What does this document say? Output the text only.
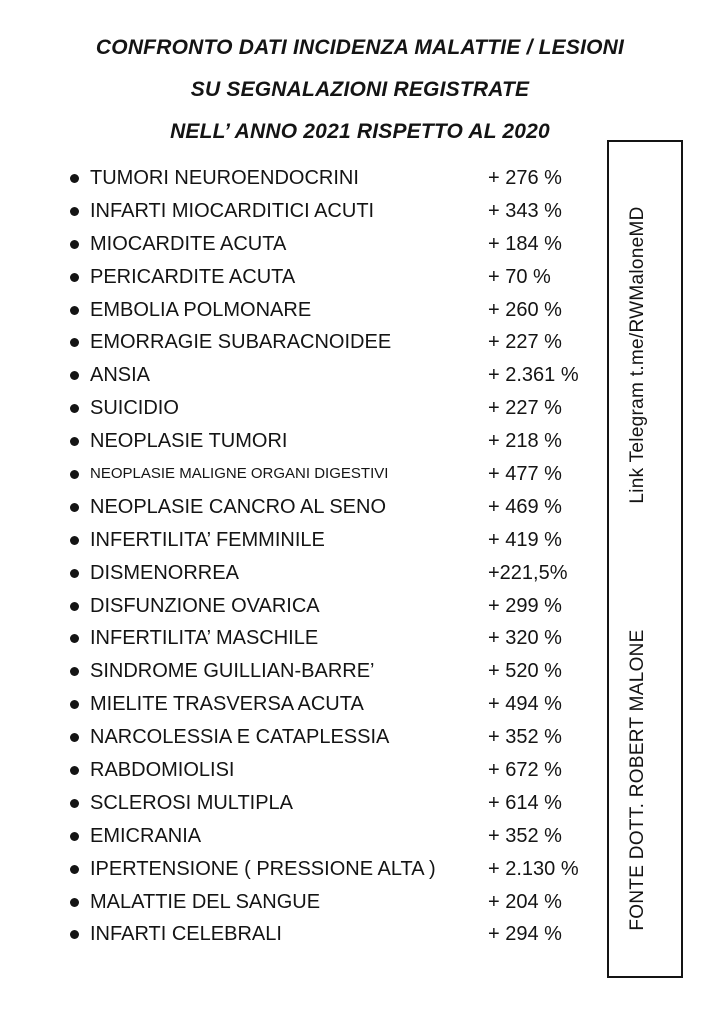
CONFRONTO DATI INCIDENZA MALATTIE / LESIONI
SU SEGNALAZIONI REGISTRATE
NELL’ ANNO 2021 RISPETTO AL 2020
TUMORI NEUROENDOCRINI	+ 276 %
INFARTI MIOCARDITICI ACUTI	+ 343 %
MIOCARDITE ACUTA	+ 184 %
PERICARDITE ACUTA	+ 70 %
EMBOLIA POLMONARE	+ 260 %
EMORRAGIE SUBARACNOIDEE	+ 227 %
ANSIA	+ 2.361 %
SUICIDIO	+ 227 %
NEOPLASIE TUMORI	+ 218 %
NEOPLASIE MALIGNE ORGANI DIGESTIVI	+ 477 %
NEOPLASIE CANCRO AL SENO	+ 469 %
INFERTILITA’ FEMMINILE	+ 419 %
DISMENORREA	+221,5%
DISFUNZIONE OVARICA	+ 299 %
INFERTILITA’ MASCHILE	+ 320 %
SINDROME GUILLIAN-BARRE’	+ 520 %
MIELITE TRASVERSA ACUTA	+ 494 %
NARCOLESSIA E CATAPLESSIA	+ 352 %
RABDOMIOLISI	+ 672 %
SCLEROSI MULTIPLA	+ 614 %
EMICRANIA	+ 352 %
IPERTENSIONE ( PRESSIONE ALTA )	+ 2.130 %
MALATTIE DEL SANGUE	+ 204 %
INFARTI CELEBRALI	+ 294 %
Link Telegram t.me/RWMaloneMD
FONTE DOTT. ROBERT MALONE
